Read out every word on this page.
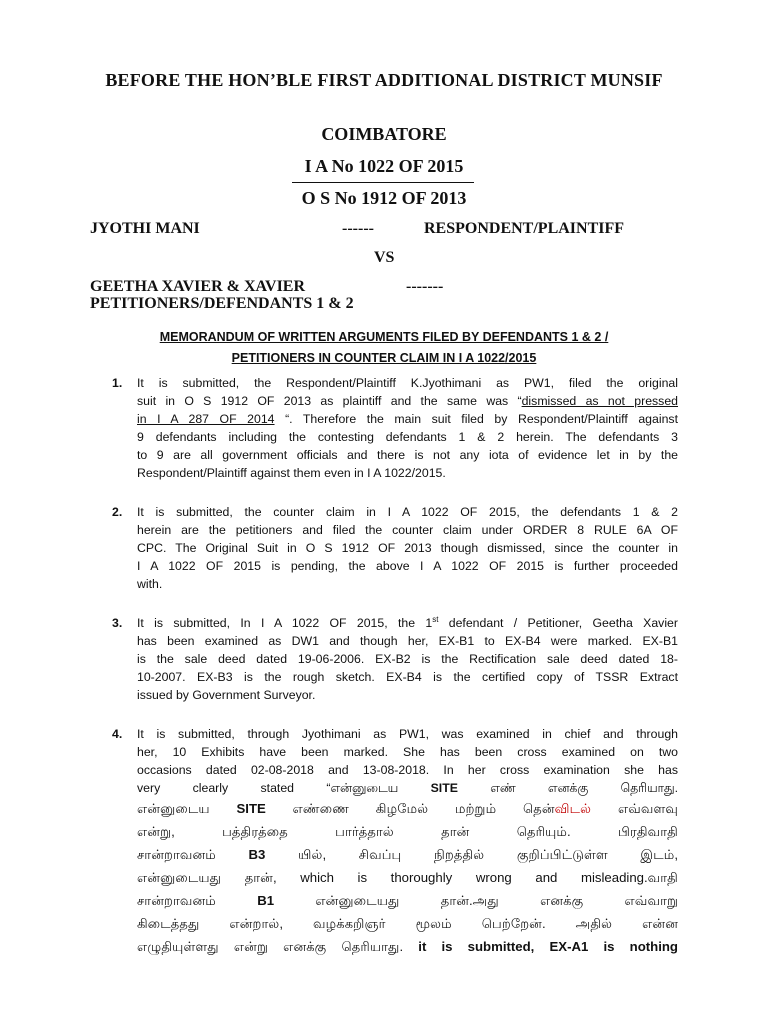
BEFORE THE HON’BLE FIRST ADDITIONAL DISTRICT MUNSIF
COIMBATORE
I A No 1022 OF 2015
O S No 1912 OF 2013
JYOTHI MANI	------	RESPONDENT/PLAINTIFF
VS
GEETHA XAVIER & XAVIER	-------
PETITIONERS/DEFENDANTS 1 & 2
MEMORANDUM OF WRITTEN ARGUMENTS FILED BY DEFENDANTS 1 & 2 /
PETITIONERS IN COUNTER CLAIM IN I A 1022/2015
1.	It is submitted, the Respondent/Plaintiff K.Jyothimani as PW1, filed the original
suit in O S 1912 OF 2013 as plaintiff and the same was “dismissed as not pressed
in I A 287 OF 2014 “. Therefore the main suit filed by Respondent/Plaintiff against
9 defendants including the contesting defendants 1 & 2 herein. The defendants 3
to 9 are all government officials and there is not any iota of evidence let in by the
Respondent/Plaintiff against them even in I A 1022/2015.
2.	It is submitted, the counter claim in I A 1022 OF 2015, the defendants 1 & 2
herein are the petitioners and filed the counter claim under ORDER 8 RULE 6A OF
CPC. The Original Suit in O S 1912 OF 2013 though dismissed, since the counter in
I A 1022 OF 2015 is pending, the above I A 1022 OF 2015 is further proceeded
with.
3.	It is submitted, In I A 1022 OF 2015, the 1st defendant / Petitioner, Geetha Xavier
has been examined as DW1 and though her, EX-B1 to EX-B4 were marked. EX-B1
is the sale deed dated 19-06-2006. EX-B2 is the Rectification sale deed dated 18-
10-2007. EX-B3 is the rough sketch. EX-B4 is the certified copy of TSSR Extract
issued by Government Surveyor.
4.	It is submitted, through Jyothimani as PW1, was examined in chief and through
her, 10 Exhibits have been marked. She has been cross examined on two
occasions dated 02-08-2018 and 13-08-2018. In her cross examination she has
very clearly stated “என்னுடைய SITE எண் எனக்கு தெரியாது.
என்னுடைய SITE எண்ணை கிழமேல் மற்றும் தென்விடல் எவ்வளவு
என்று, பத்திரத்தை பார்த்தால் தான் தெரியும். பிரதிவாதி
சான்றாவனம் B3 யில், சிவப்பு நிறத்தில் குறிப்பிட்டுள்ள இடம்,
என்னுடையது தான், which is thoroughly wrong and misleading.வாதி
சான்றாவனம் B1 என்னுடையது தான்.அது எனக்கு எவ்வாறு
கிடைத்தது என்றால், வழக்கறிஞர் மூலம் பெற்றேன். அதில் என்ன
எழுதியுள்ளது என்று எனக்கு தெரியாது. it is submitted, EX-A1 is nothing
